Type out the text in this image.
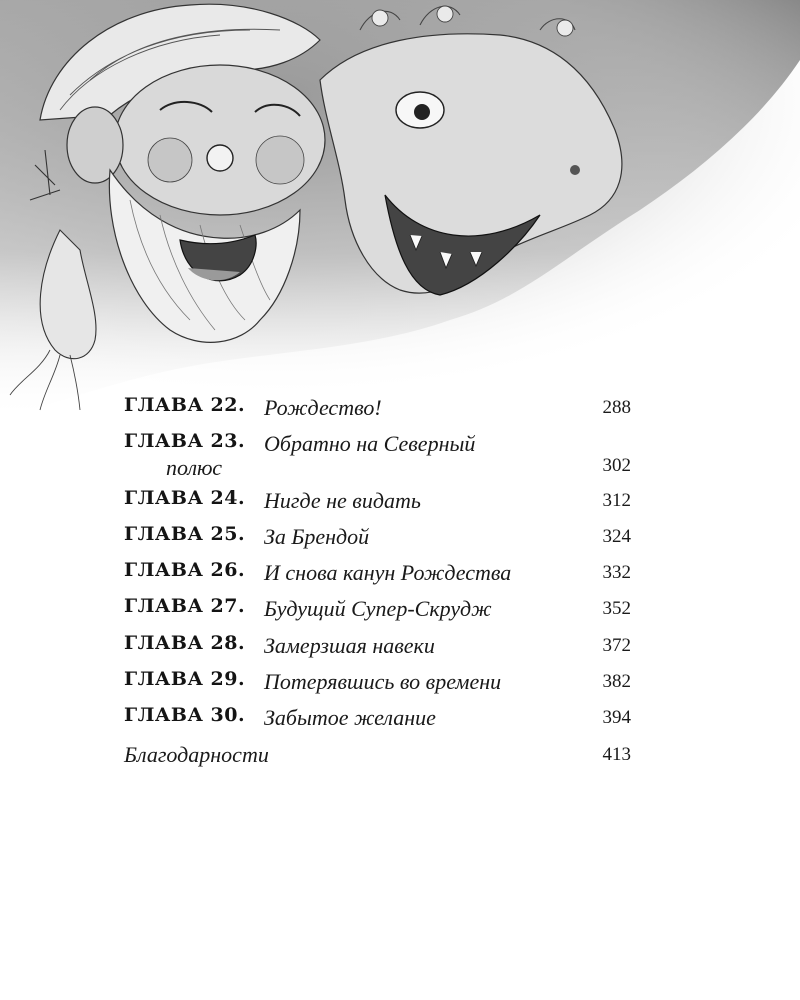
ГЛАВА 22. Рождество!	288
ГЛАВА 23. Обратно на Северный
полюс	302
ГЛАВА 24. Нигде не видать	312
ГЛАВА 25. За Брендой	324
ГЛАВА 26. И снова канун Рождества	332
ГЛАВА 27. Будущий Супер-Скрудж	352
ГЛАВА 28. Замерзшая навеки	372
ГЛАВА 29. Потерявшись во времени	382
ГЛАВА 30. Забытое желание	394
Благодарности	413
